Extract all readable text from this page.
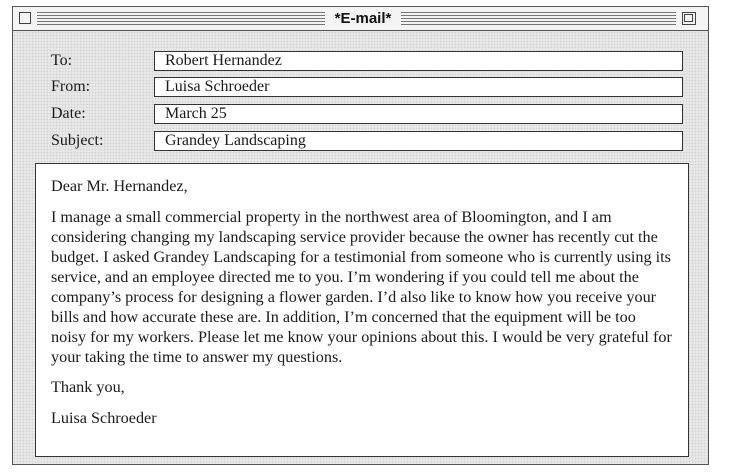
*E-mail*
To:	Robert Hernandez
From:	Luisa Schroeder
Date:	March 25
Subject:	Grandey Landscaping

Dear Mr. Hernandez,

I manage a small commercial property in the northwest area of Bloomington, and I am considering changing my landscaping service provider because the owner has recently cut the budget. I asked Grandey Landscaping for a testimonial from someone who is currently using its service, and an employee directed me to you. I’m wondering if you could tell me about the company’s process for designing a flower garden. I’d also like to know how you receive your bills and how accurate these are. In addition, I’m concerned that the equipment will be too noisy for my workers. Please let me know your opinions about this. I would be very grateful for your taking the time to answer my questions.

Thank you,

Luisa Schroeder
